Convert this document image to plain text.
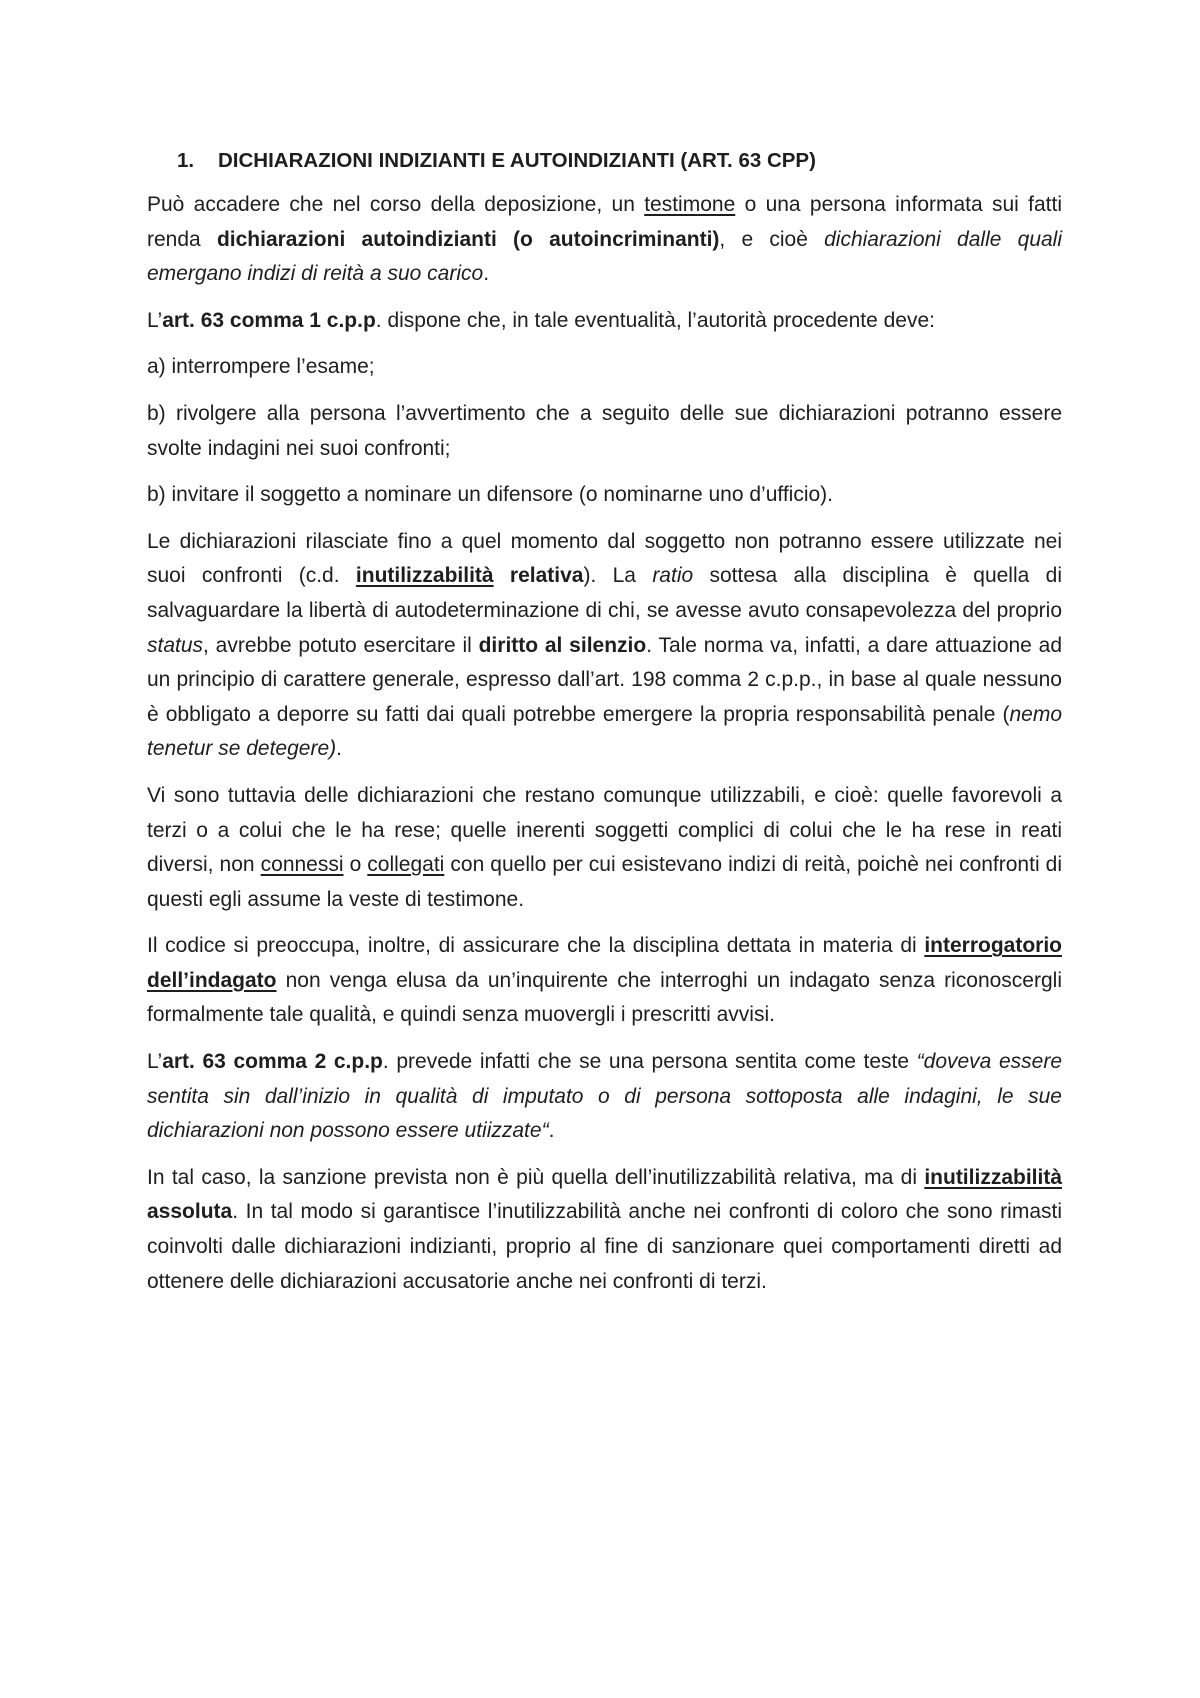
1.	DICHIARAZIONI INDIZIANTI E AUTOINDIZIANTI (ART. 63 CPP)

Può accadere che nel corso della deposizione, un testimone o una persona informata sui fatti renda dichiarazioni autoindizianti (o autoincriminanti), e cioè dichiarazioni dalle quali emergano indizi di reità a suo carico.

L’art. 63 comma 1 c.p.p. dispone che, in tale eventualità, l’autorità procedente deve:

a) interrompere l’esame;

b) rivolgere alla persona l’avvertimento che a seguito delle sue dichiarazioni potranno essere svolte indagini nei suoi confronti;

b) invitare il soggetto a nominare un difensore (o nominarne uno d’ufficio).

Le dichiarazioni rilasciate fino a quel momento dal soggetto non potranno essere utilizzate nei suoi confronti (c.d. inutilizzabilità relativa). La ratio sottesa alla disciplina è quella di salvaguardare la libertà di autodeterminazione di chi, se avesse avuto consapevolezza del proprio status, avrebbe potuto esercitare il diritto al silenzio. Tale norma va, infatti, a dare attuazione ad un principio di carattere generale, espresso dall’art. 198 comma 2 c.p.p., in base al quale nessuno è obbligato a deporre su fatti dai quali potrebbe emergere la propria responsabilità penale (nemo tenetur se detegere).

Vi sono tuttavia delle dichiarazioni che restano comunque utilizzabili, e cioè: quelle favorevoli a terzi o a colui che le ha rese; quelle inerenti soggetti complici di colui che le ha rese in reati diversi, non connessi o collegati con quello per cui esistevano indizi di reità, poichè nei confronti di questi egli assume la veste di testimone.

Il codice si preoccupa, inoltre, di assicurare che la disciplina dettata in materia di interrogatorio dell’indagato non venga elusa da un’inquirente che interroghi un indagato senza riconoscergli formalmente tale qualità, e quindi senza muovergli i prescritti avvisi.

L’art. 63 comma 2 c.p.p. prevede infatti che se una persona sentita come teste “doveva essere sentita sin dall’inizio in qualità di imputato o di persona sottoposta alle indagini, le sue dichiarazioni non possono essere utiizzate“.

In tal caso, la sanzione prevista non è più quella dell’inutilizzabilità relativa, ma di inutilizzabilità assoluta. In tal modo si garantisce l’inutilizzabilità anche nei confronti di coloro che sono rimasti coinvolti dalle dichiarazioni indizianti, proprio al fine di sanzionare quei comportamenti diretti ad ottenere delle dichiarazioni accusatorie anche nei confronti di terzi.
